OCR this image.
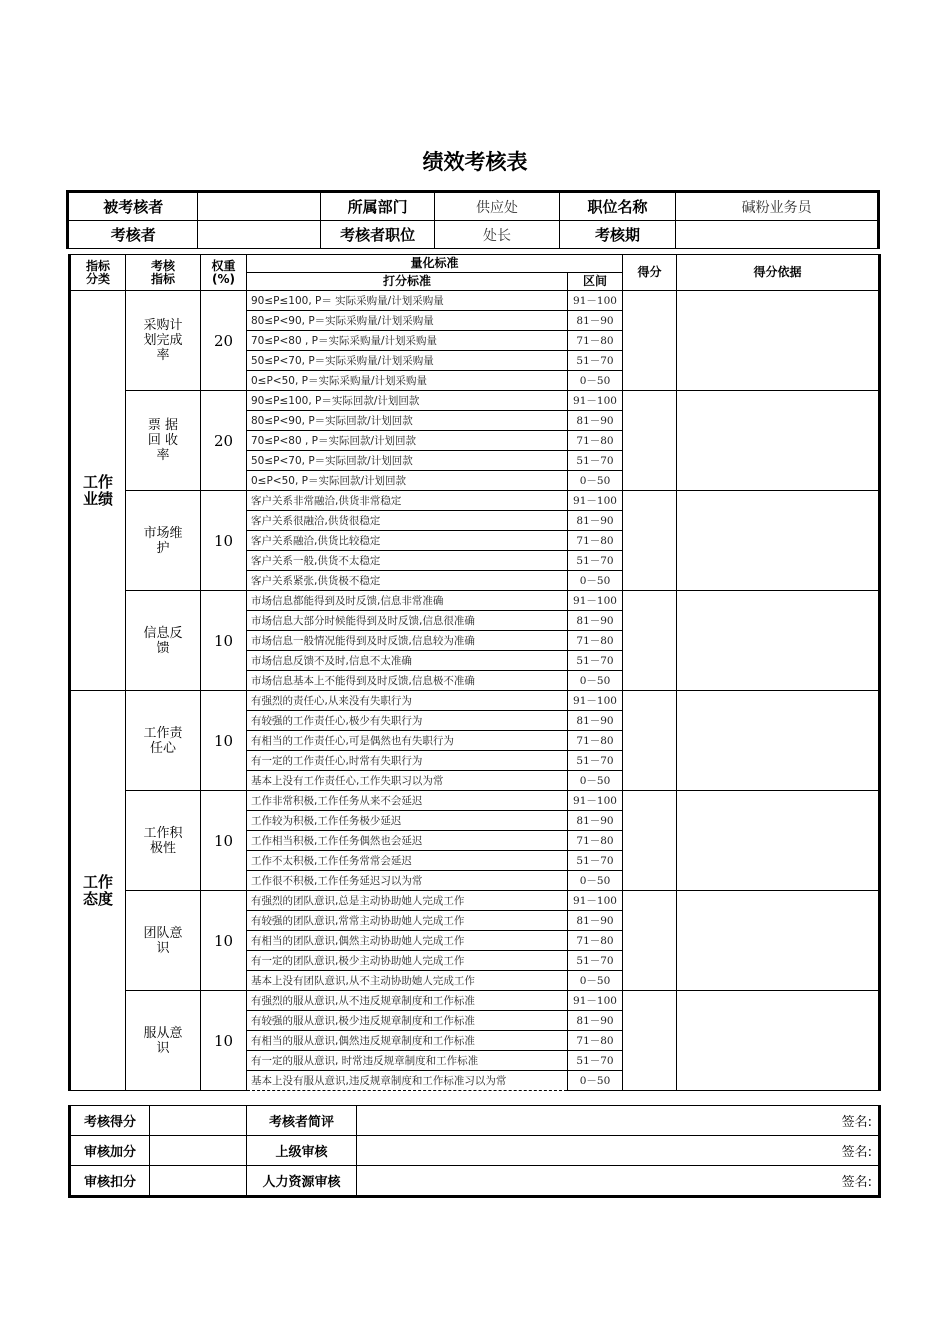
绩效考核表
被考核者		所属部门	供应处	职位名称	碱粉业务员
考核者		考核者职位	处长	考核期	
指标分类	考核指标	权重(%)	量化标准		得分	得分依据
			打分标准	区间		
工作业绩	采购计划完成率	20	90≤P≤100, P＝ 实际采购量/计划采购量	91－100		
			80≤P<90, P＝实际采购量/计划采购量	81－90		
			70≤P<80 , P＝实际采购量/计划采购量	71－80		
			50≤P<70, P＝实际采购量/计划采购量	51－70		
			0≤P<50, P＝实际采购量/计划采购量	0－50		
	票 据 回 收 率	20	90≤P≤100, P＝实际回款/计划回款	91－100		
			80≤P<90, P＝实际回款/计划回款	81－90		
			70≤P<80 , P＝实际回款/计划回款	71－80		
			50≤P<70, P＝实际回款/计划回款	51－70		
			0≤P<50, P＝实际回款/计划回款	0－50		
	市场维护	10	客户关系非常融洽,供货非常稳定	91－100		
			客户关系很融洽,供货很稳定	81－90		
			客户关系融洽,供货比较稳定	71－80		
			客户关系一般,供货不太稳定	51－70		
			客户关系紧张,供货极不稳定	0－50		
	信息反馈	10	市场信息都能得到及时反馈,信息非常准确	91－100		
			市场信息大部分时候能得到及时反馈,信息很准确	81－90		
			市场信息一般情况能得到及时反馈,信息较为准确	71－80		
			市场信息反馈不及时,信息不太准确	51－70		
			市场信息基本上不能得到及时反馈,信息极不准确	0－50		
工作态度	工作责任心	10	有强烈的责任心,从来没有失职行为	91－100		
			有较强的工作责任心,极少有失职行为	81－90		
			有相当的工作责任心,可是偶然也有失职行为	71－80		
			有一定的工作责任心,时常有失职行为	51－70		
			基本上没有工作责任心,工作失职习以为常	0－50		
	工作积极性	10	工作非常积极,工作任务从来不会延迟	91－100		
			工作较为积极,工作任务极少延迟	81－90		
			工作相当积极,工作任务偶然也会延迟	71－80		
			工作不太积极,工作任务常常会延迟	51－70		
			工作很不积极,工作任务延迟习以为常	0－50		
	团队意识	10	有强烈的团队意识,总是主动协助她人完成工作	91－100		
			有较强的团队意识,常常主动协助她人完成工作	81－90		
			有相当的团队意识,偶然主动协助她人完成工作	71－80		
			有一定的团队意识,极少主动协助她人完成工作	51－70		
			基本上没有团队意识,从不主动协助她人完成工作	0－50		
	服从意识	10	有强烈的服从意识,从不违反规章制度和工作标准	91－100		
			有较强的服从意识,极少违反规章制度和工作标准	81－90		
			有相当的服从意识,偶然违反规章制度和工作标准	71－80		
			有一定的服从意识, 时常违反规章制度和工作标准	51－70		
			基本上没有服从意识,违反规章制度和工作标准习以为常	0－50		
考核得分		考核者简评	签名:
审核加分		上级审核	签名:
审核扣分		人力资源审核	签名:
